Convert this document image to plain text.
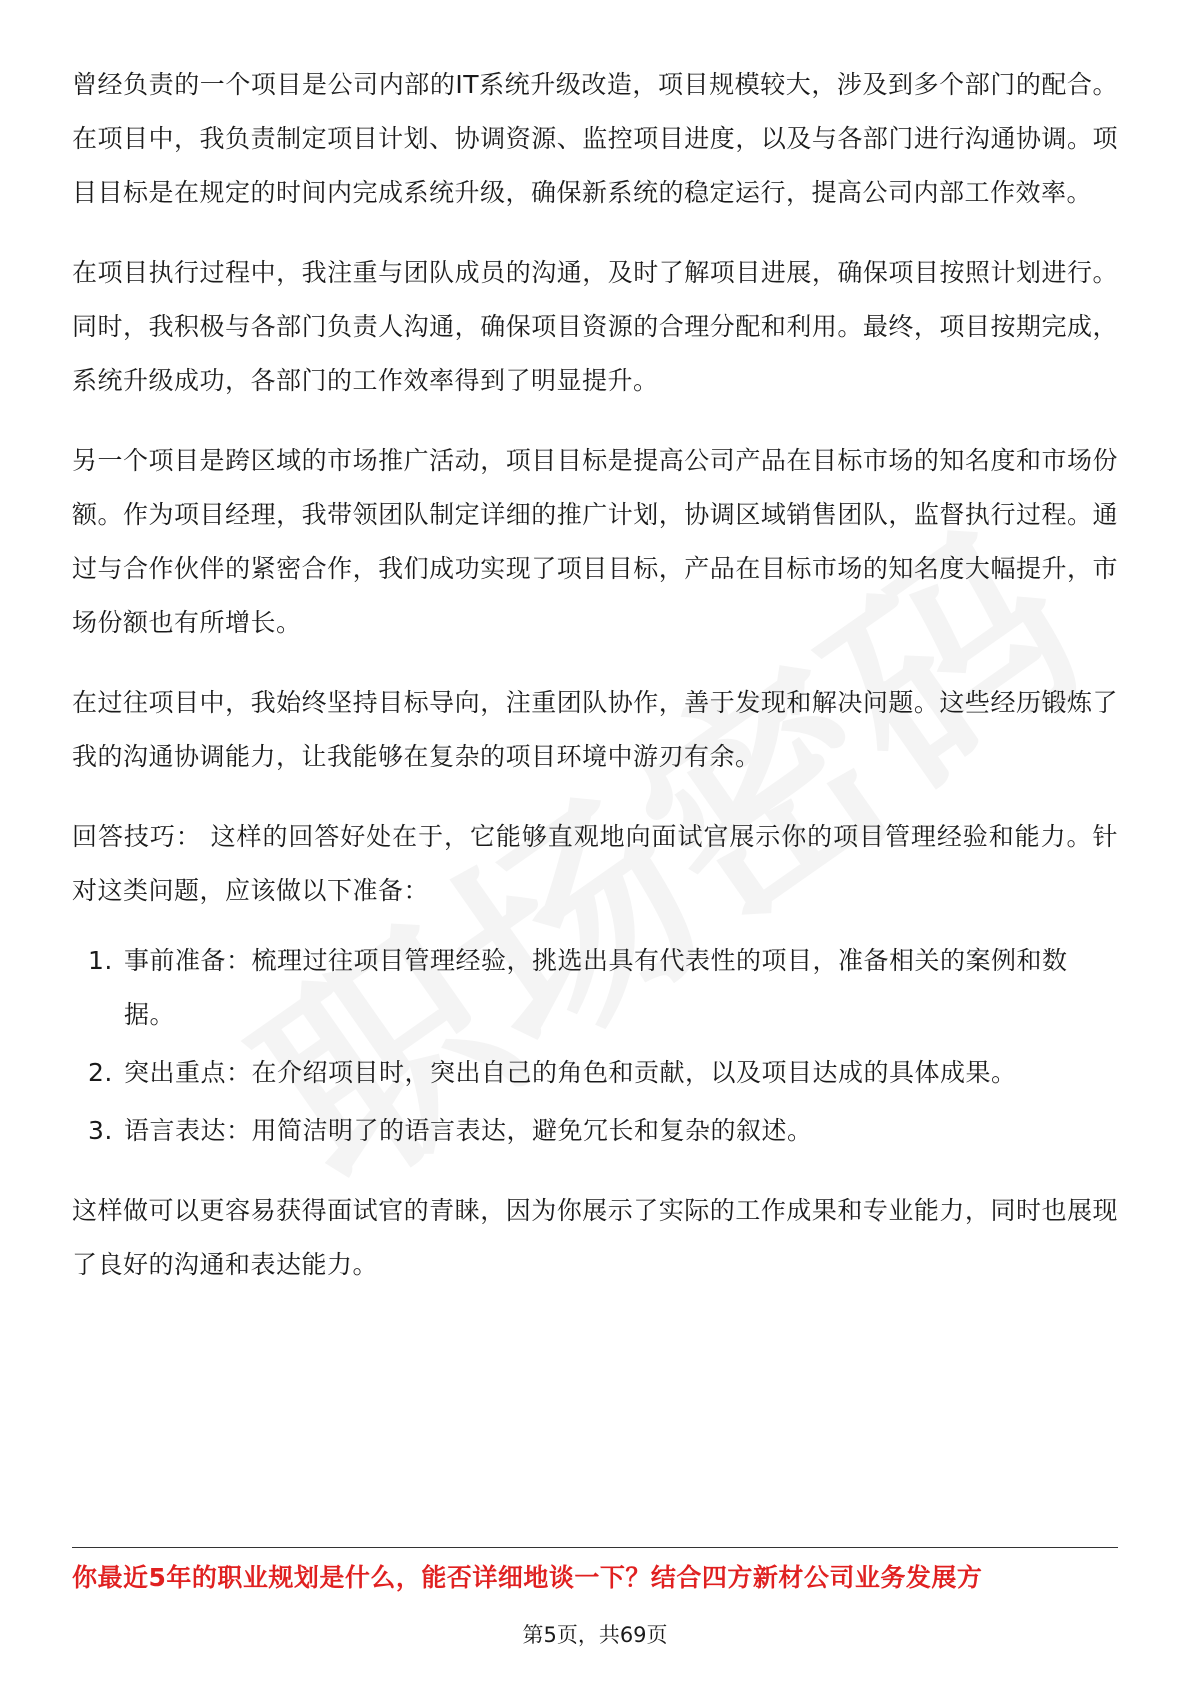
曾经负责的一个项目是公司内部的IT系统升级改造，项目规模较大，涉及到多个部门的配合。在项目中，我负责制定项目计划、协调资源、监控项目进度，以及与各部门进行沟通协调。项目目标是在规定的时间内完成系统升级，确保新系统的稳定运行，提高公司内部工作效率。

在项目执行过程中，我注重与团队成员的沟通，及时了解项目进展，确保项目按照计划进行。同时，我积极与各部门负责人沟通，确保项目资源的合理分配和利用。最终，项目按期完成，系统升级成功，各部门的工作效率得到了明显提升。

另一个项目是跨区域的市场推广活动，项目目标是提高公司产品在目标市场的知名度和市场份额。作为项目经理，我带领团队制定详细的推广计划，协调区域销售团队，监督执行过程。通过与合作伙伴的紧密合作，我们成功实现了项目目标，产品在目标市场的知名度大幅提升，市场份额也有所增长。

在过往项目中，我始终坚持目标导向，注重团队协作，善于发现和解决问题。这些经历锻炼了我的沟通协调能力，让我能够在复杂的项目环境中游刃有余。

回答技巧： 这样的回答好处在于，它能够直观地向面试官展示你的项目管理经验和能力。针对这类问题，应该做以下准备：

1. 事前准备：梳理过往项目管理经验，挑选出具有代表性的项目，准备相关的案例和数据。
2. 突出重点：在介绍项目时，突出自己的角色和贡献，以及项目达成的具体成果。
3. 语言表达：用简洁明了的语言表达，避免冗长和复杂的叙述。

这样做可以更容易获得面试官的青睐，因为你展示了实际的工作成果和专业能力，同时也展现了良好的沟通和表达能力。

你最近5年的职业规划是什么，能否详细地谈一下？结合四方新材公司业务发展方
第5页，共69页
